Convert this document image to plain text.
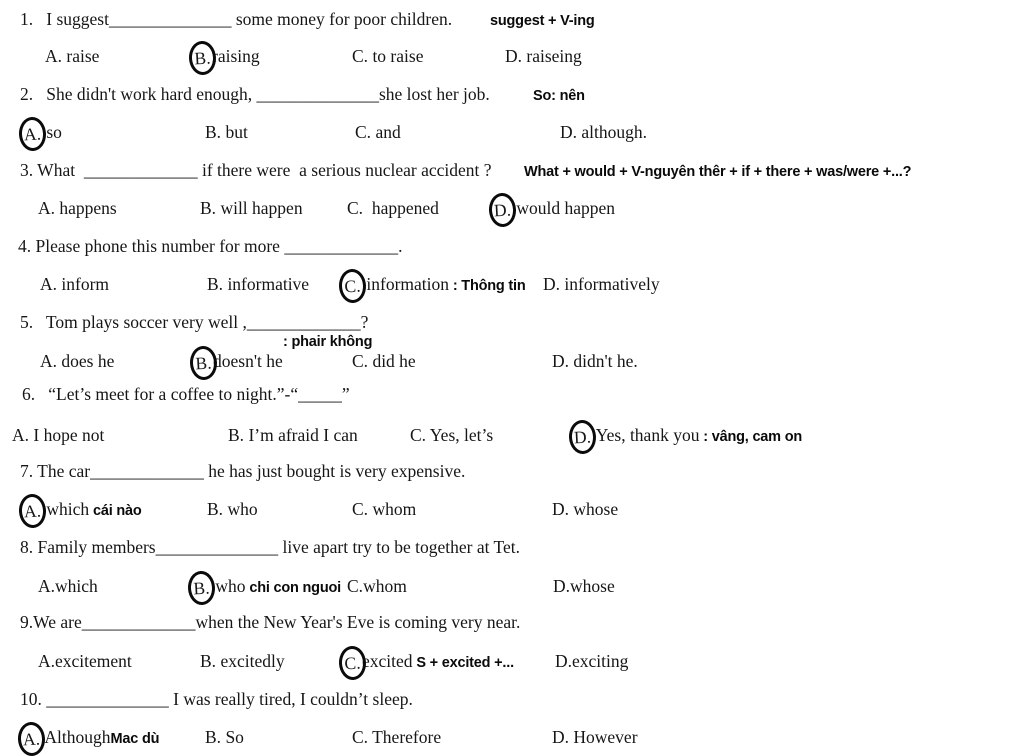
1.   I suggest______________ some money for poor children.	suggest + V-ing
A. raise	B. raising	C. to raise	D. raiseing
2.   She didn't work hard enough, ______________she lost her job.	So: nên
A. so	B. but	C. and	D. although.
3. What  _____________ if there were  a serious nuclear accident ? What + would + V-nguyên thêr + if + there + was/were +...?
A. happens	B. will happen	C.  happened	D. would happen
4. Please phone this number for more _____________.
A. inform	B. informative C. information : Thông tin D. informatively
5.   Tom plays soccer very well ,_____________?
: phair không
A. does he	B. doesn't he	C. did he	D. didn't he.
6.   “Let’s meet for a coffee to night.”-“_____”
A. I hope not	B. I’m afraid I can	C. Yes, let’s	D. Yes, thank you : vâng, cam on
7. The car_____________ he has just bought is very expensive.
A. which cái nào	B. who	C. whom	D. whose
8. Family members______________ live apart try to be together at Tet.
A.which	B. who chi con nguoi C.whom	D.whose
9.We are_____________when the New Year's Eve is coming very near.
A.excitement	B. excitedly	C. excited S + excited +... D.exciting
10. ______________ I was really tired, I couldn’t sleep.
A. AlthoughMac dù	B. So	C. Therefore	D. However
